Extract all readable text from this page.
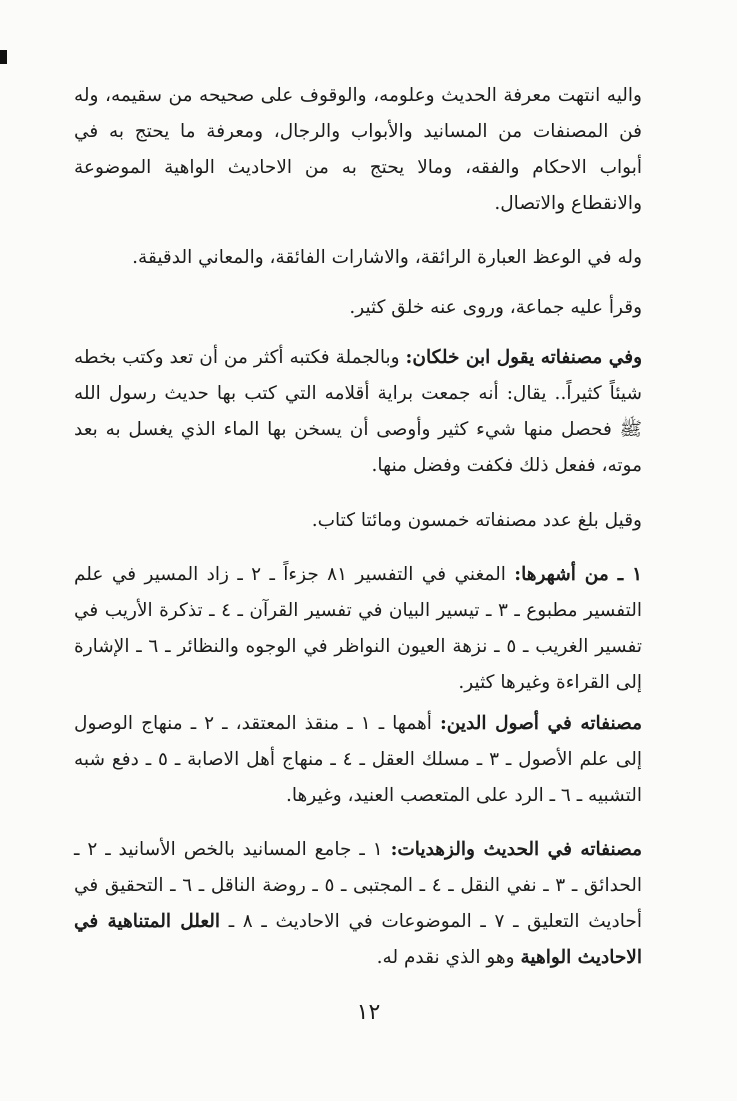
واليه انتهت معرفة الحديث وعلومه، والوقوف على صحيحه من سقيمه، وله فن المصنفات من المسانيد والأبواب والرجال، ومعرفة ما يحتج به في أبواب الاحكام والفقه، ومالا يحتج به من الاحاديث الواهية الموضوعة والانقطاع والاتصال.

وله في الوعظ العبارة الرائقة، والاشارات الفائقة، والمعاني الدقيقة.

وقرأ عليه جماعة، وروى عنه خلق كثير.

وفي مصنفاته يقول ابن خلكان: وبالجملة فكتبه أكثر من أن تعد وكتب بخطه شيئاً كثيراً.. يقال: أنه جمعت براية أقلامه التي كتب بها حديث رسول الله ﷺ فحصل منها شيء كثير وأوصى أن يسخن بها الماء الذي يغسل به بعد موته، ففعل ذلك فكفت وفضل منها.

وقيل بلغ عدد مصنفاته خمسون ومائتا كتاب.

١ ـ من أشهرها: المغني في التفسير ٨١ جزءاً ـ ٢ ـ زاد المسير في علم التفسير مطبوع ـ ٣ ـ تيسير البيان في تفسير القرآن ـ ٤ ـ تذكرة الأريب في تفسير الغريب ـ ٥ ـ نزهة العيون النواظر في الوجوه والنظائر ـ ٦ ـ الإشارة إلى القراءة وغيرها كثير.

مصنفاته في أصول الدين: أهمها ـ ١ ـ منقذ المعتقد، ـ ٢ ـ منهاج الوصول إلى علم الأصول ـ ٣ ـ مسلك العقل ـ ٤ ـ منهاج أهل الاصابة ـ ٥ ـ دفع شبه التشبيه ـ ٦ ـ الرد على المتعصب العنيد، وغيرها.

مصنفاته في الحديث والزهديات: ١ ـ جامع المسانيد بالخص الأسانيد ـ ٢ ـ الحدائق ـ ٣ ـ نفي النقل ـ ٤ ـ المجتبى ـ ٥ ـ روضة الناقل ـ ٦ ـ التحقيق في أحاديث التعليق ـ ٧ ـ الموضوعات في الاحاديث ـ ٨ ـ العلل المتناهية في الاحاديث الواهية وهو الذي نقدم له.

١٢
